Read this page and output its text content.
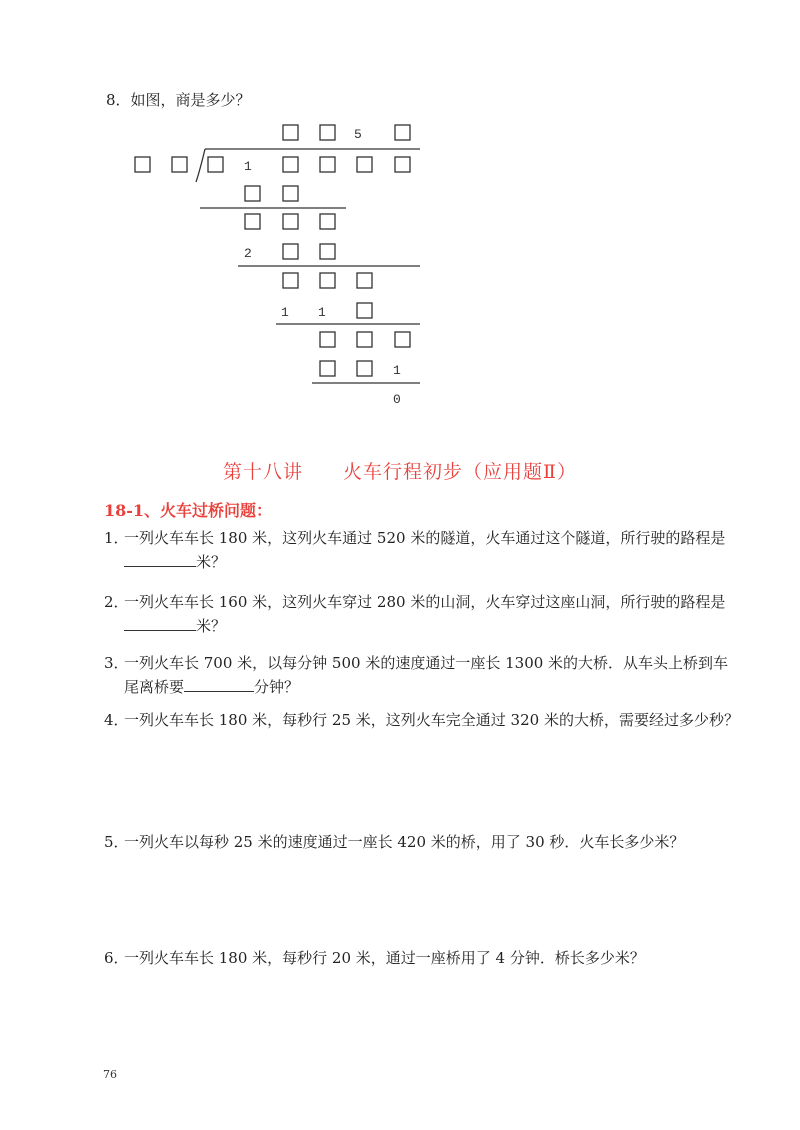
8．如图，商是多少？
5
1
2
1 1
1
0
第十八讲 火车行程初步（应用题Ⅱ）
18-1、火车过桥问题：
1．一列火车车长 180 米，这列火车通过 520 米的隧道，火车通过这个隧道，所行驶的路程是
米？
2．一列火车车长 160 米，这列火车穿过 280 米的山洞，火车穿过这座山洞，所行驶的路程是
米？
3．一列火车长 700 米，以每分钟 500 米的速度通过一座长 1300 米的大桥．从车头上桥到车
尾离桥要	分钟？
4．一列火车车长 180 米，每秒行 25 米，这列火车完全通过 320 米的大桥，需要经过多少秒？
5．一列火车以每秒 25 米的速度通过一座长 420 米的桥，用了 30 秒．火车长多少米？
6．一列火车车长 180 米，每秒行 20 米，通过一座桥用了 4 分钟．桥长多少米？
76
